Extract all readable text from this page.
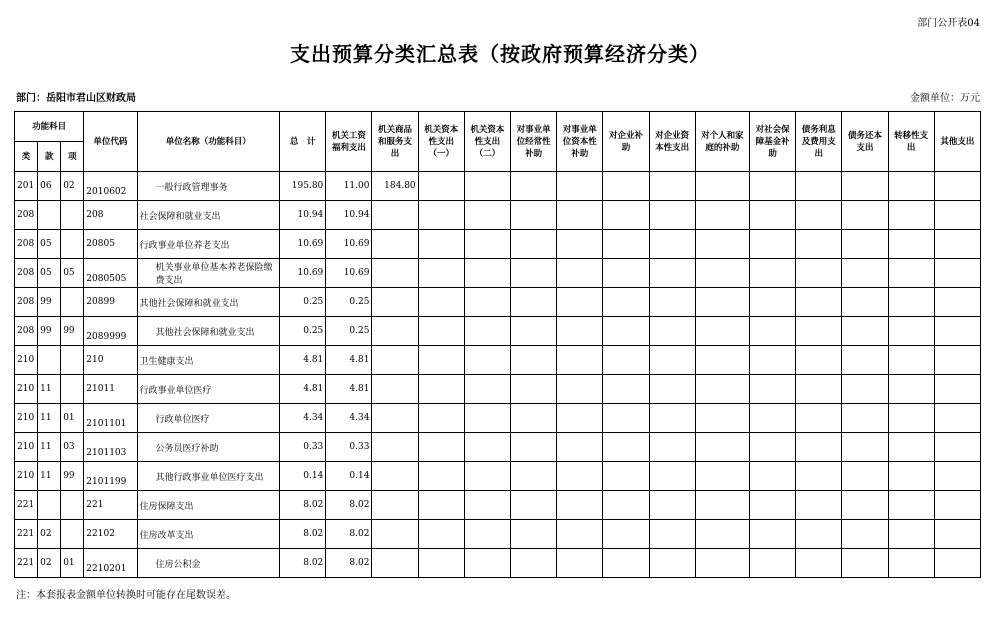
部门公开表04
支出预算分类汇总表（按政府预算经济分类）
部门：岳阳市君山区财政局	金额单位：万元
功能科目			单位代码	单位名称（功能科目）	总　计	机关工资福利支出	机关商品和服务支出	机关资本性支出（一）	机关资本性支出（二）	对事业单位经常性补助	对事业单位资本性补助	对企业补助	对企业资本性支出	对个人和家庭的补助	对社会保障基金补助	债务利息及费用支出	债务还本支出	转移性支出	其他支出
类	款	项																	
201	06	02	2010602	一般行政管理事务	195.80	11.00	184.80												
208			208	社会保障和就业支出	10.94	10.94													
208	05		20805	行政事业单位养老支出	10.69	10.69													
208	05	05	2080505	机关事业单位基本养老保险缴费支出	10.69	10.69													
208	99		20899	其他社会保障和就业支出	0.25	0.25													
208	99	99	2089999	其他社会保障和就业支出	0.25	0.25													
210			210	卫生健康支出	4.81	4.81													
210	11		21011	行政事业单位医疗	4.81	4.81													
210	11	01	2101101	行政单位医疗	4.34	4.34													
210	11	03	2101103	公务员医疗补助	0.33	0.33													
210	11	99	2101199	其他行政事业单位医疗支出	0.14	0.14													
221			221	住房保障支出	8.02	8.02													
221	02		22102	住房改革支出	8.02	8.02													
221	02	01	2210201	住房公积金	8.02	8.02													
注：本套报表金额单位转换时可能存在尾数误差。
